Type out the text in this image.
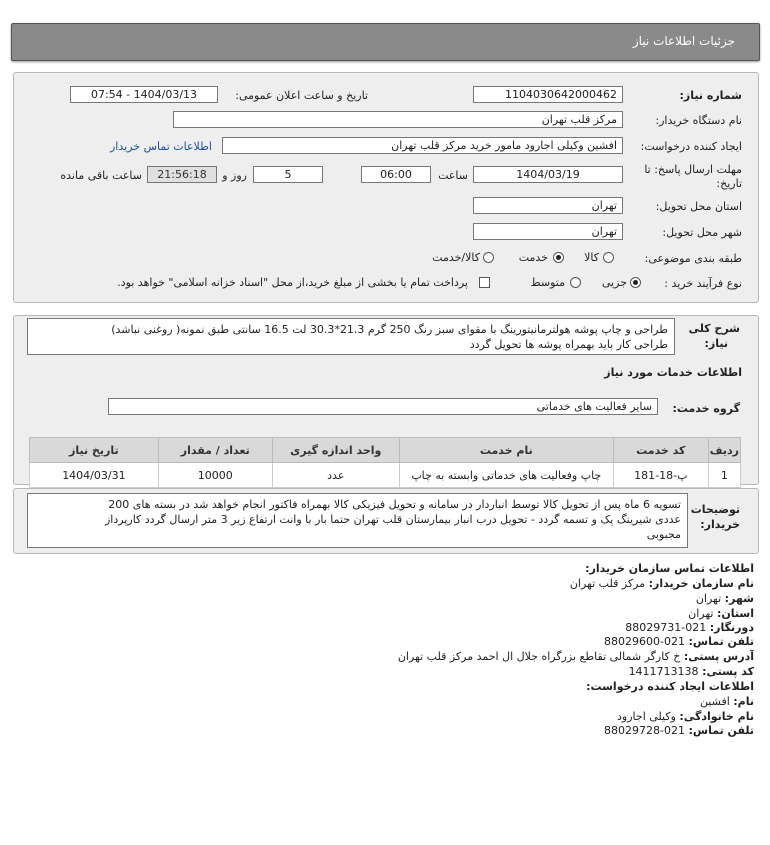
جزئیات اطلاعات نیاز
شماره نیاز:
1104030642000462
تاریخ و ساعت اعلان عمومی:
1404/03/13 - 07:54
نام دستگاه خریدار:
مرکز قلب تهران
ایجاد کننده درخواست:
افشین وکیلی اجارود مامور خرید مرکز قلب تهران
اطلاعات تماس خریدار
مهلت ارسال پاسخ: تا
تاریخ:
1404/03/19
ساعت
06:00
5
روز و
21:56:18
ساعت باقی مانده
استان محل تحویل:
تهران
شهر محل تحویل:
تهران
طبقه بندی موضوعی:
کالا
خدمت
کالا/خدمت
نوع فرآیند خرید :
جزیی
متوسط
پرداخت تمام یا بخشی از مبلغ خرید،از محل "اسناد خزانه اسلامی" خواهد بود.
شرح کلی
نیاز:
طراحی و چاپ پوشه هولترمانیتورینگ با مقوای سبز رنگ 250 گرم 21.3*30.3 لت 16.5 سانتی طبق نمونه( روغنی نباشد)
طراحی کار باید بهمراه پوشه ها تحویل گردد
اطلاعات خدمات مورد نیاز
گروه خدمت:
سایر فعالیت های خدماتی
ردیف	کد خدمت	نام خدمت	واحد اندازه گیری	تعداد / مقدار	تاریخ نیاز
1	پ-18-181	چاپ وفعالیت های خدماتی وابسته به چاپ	عدد	10000	1404/03/31
توضیحات
خریدار:
تسویه 6 ماه پس از تحویل کالا توسط انباردار در سامانه و تحویل فیزیکی کالا بهمراه فاکتور انجام خواهد شد در بسته های 200
عددی شیرینگ پک و تسمه گردد - تحویل درب انبار بیمارستان قلب تهران حتما بار با وانت ارتفاع زیر 3 متر ارسال گردد کارپرداز
مجبوبی
اطلاعات تماس سازمان خریدار:
نام سازمان خریدار: مرکز قلب تهران
شهر: تهران
استان: تهران
دورنگار: 021-88029731
تلفن تماس: 021-88029600
آدرس پستی: خ کارگر شمالی تقاطع بزرگراه جلال ال احمد مرکز قلب تهران
کد پستی: 1411713138
اطلاعات ایجاد کننده درخواست:
نام: افشین
نام خانوادگی: وکیلی اجارود
تلفن تماس: 021-88029728
